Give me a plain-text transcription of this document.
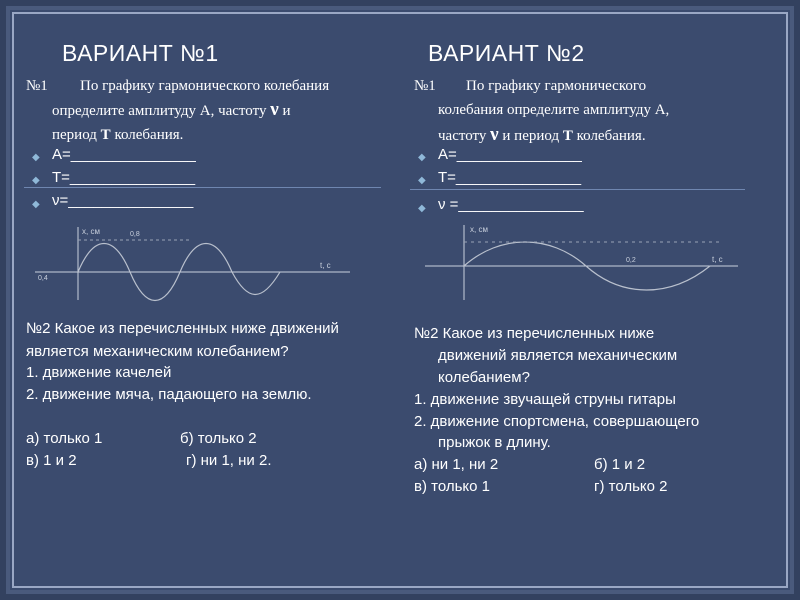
ВАРИАНТ №1	ВАРИАНТ №2
№1 По графику гармонического колебания
определите амплитуду А, частоту ν и
период T колебания.
◆ А=_______________
◆ Т=_______________
◆ ν=_______________
№2 Какое из перечисленных ниже движений
является механическим колебанием?
1. движение качелей
2. движение мяча, падающего на землю.
а) только 1	б) только 2
в) 1 и 2	г) ни 1, ни 2.
х, см
t, с
0,8
0,4
№1 По графику гармонического
колебания определите амплитуду А,
частоту ν и период T колебания.
◆ А=_______________
◆ Т=_______________
◆ ν =_______________
№2 Какое из перечисленных ниже
движений является механическим
колебанием?
1. движение звучащей струны гитары
2. движение спортсмена, совершающего
прыжок в длину.
а) ни 1, ни 2	б) 1 и 2
в) только 1	г) только 2
х, см
t, с
0,2
